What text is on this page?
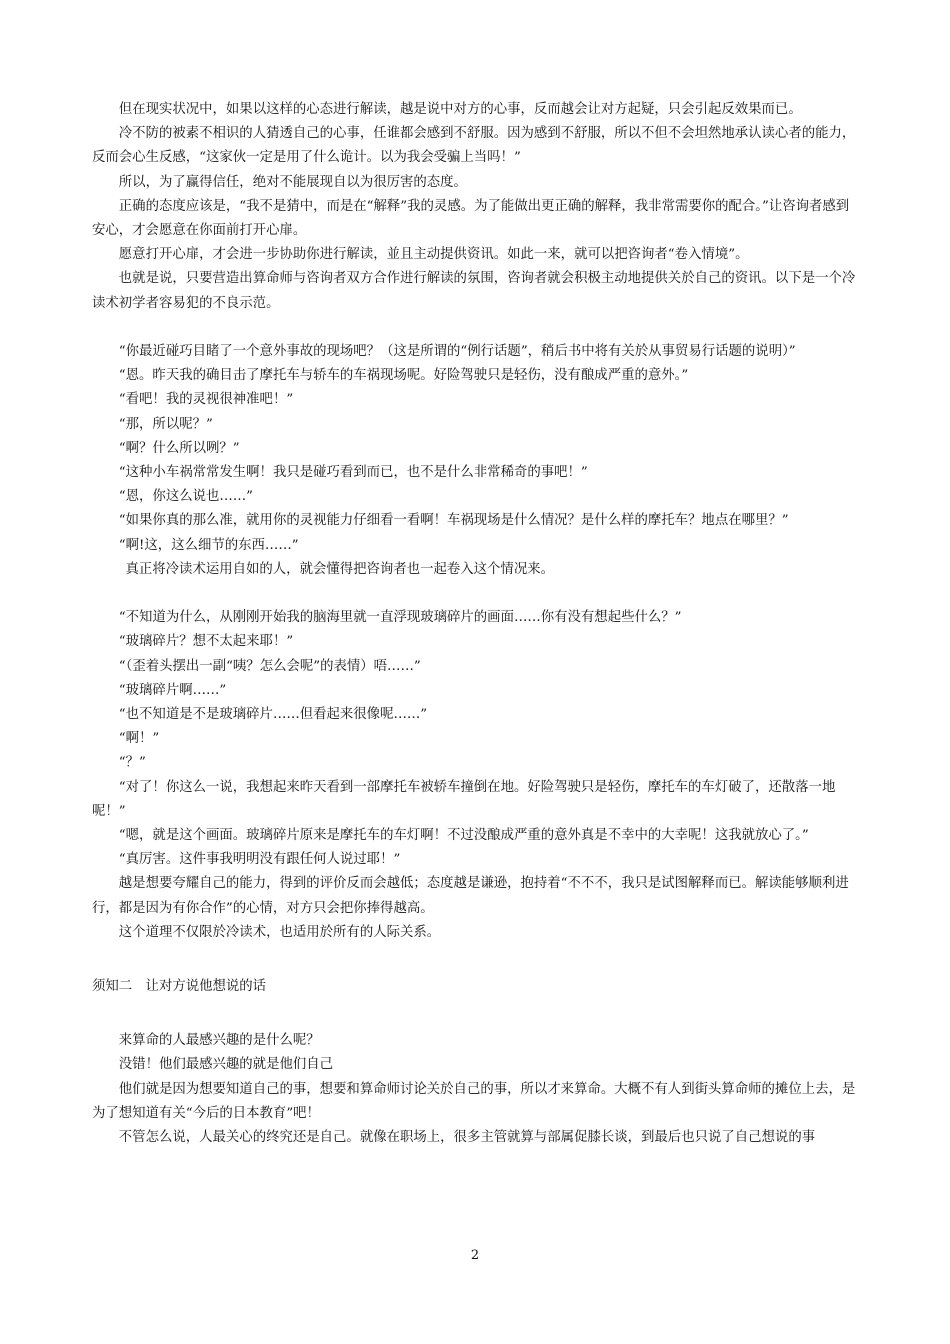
但在现实状况中，如果以这样的心态进行解读，越是说中对方的心事，反而越会让对方起疑，只会引起反效果而已。

冷不防的被素不相识的人猜透自己的心事，任谁都会感到不舒服。因为感到不舒服，所以不但不会坦然地承认读心者的能力，反而会心生反感，“这家伙一定是用了什么诡计。以为我会受骗上当吗！”

所以，为了赢得信任，绝对不能展现自以为很厉害的态度。

正确的态度应该是，“我不是猜中，而是在“解释”我的灵感。为了能做出更正确的解释，我非常需要你的配合。”让咨询者感到安心，才会愿意在你面前打开心扉。

愿意打开心扉，才会进一步协助你进行解读，並且主动提供资讯。如此一来，就可以把咨询者“卷入情境”。

也就是说，只要营造出算命师与咨询者双方合作进行解读的氛围，咨询者就会积极主动地提供关於自己的资讯。以下是一个冷读术初学者容易犯的不良示范。

“你最近碰巧目睹了一个意外事故的现场吧？（这是所谓的“例行话题”，稍后书中将有关於从事贸易行话题的说明）”

“恩。昨天我的确目击了摩托车与轿车的车祸现场呢。好险驾驶只是轻伤，没有酿成严重的意外。”

“看吧！我的灵视很神准吧！”

“那，所以呢？”

“啊？什么所以咧？”

“这种小车祸常常发生啊！我只是碰巧看到而已，也不是什么非常稀奇的事吧！”

“恩，你这么说也……”

“如果你真的那么准，就用你的灵视能力仔细看一看啊！车祸现场是什么情况？是什么样的摩托车？地点在哪里？”

“啊!这，这么细节的东西……”

真正将冷读术运用自如的人，就会懂得把咨询者也一起卷入这个情况来。

“不知道为什么，从刚刚开始我的脑海里就一直浮现玻璃碎片的画面……你有没有想起些什么？”

“玻璃碎片？想不太起来耶！”

“（歪着头摆出一副“咦？怎么会呢”的表情）唔……”

“玻璃碎片啊……”

“也不知道是不是玻璃碎片……但看起来很像呢……”

“啊！”

“？”

“对了！你这么一说，我想起来昨天看到一部摩托车被轿车撞倒在地。好险驾驶只是轻伤，摩托车的车灯破了，还散落一地呢！”

“嗯，就是这个画面。玻璃碎片原来是摩托车的车灯啊！不过没酿成严重的意外真是不幸中的大幸呢！这我就放心了。”

“真厉害。这件事我明明没有跟任何人说过耶！”

越是想要夸耀自己的能力，得到的评价反而会越低；态度越是谦逊，抱持着“不不不，我只是试图解释而已。解读能够顺利进行，都是因为有你合作”的心情，对方只会把你捧得越高。

这个道理不仅限於冷读术，也适用於所有的人际关系。

须知二　让对方说他想说的话

来算命的人最感兴趣的是什么呢？

没错！他们最感兴趣的就是他们自己

他们就是因为想要知道自己的事，想要和算命师讨论关於自己的事，所以才来算命。大概不有人到街头算命师的摊位上去，是为了想知道有关“今后的日本教育”吧！

不管怎么说，人最关心的终究还是自己。就像在职场上，很多主管就算与部属促膝长谈，到最后也只说了自己想说的事

2
